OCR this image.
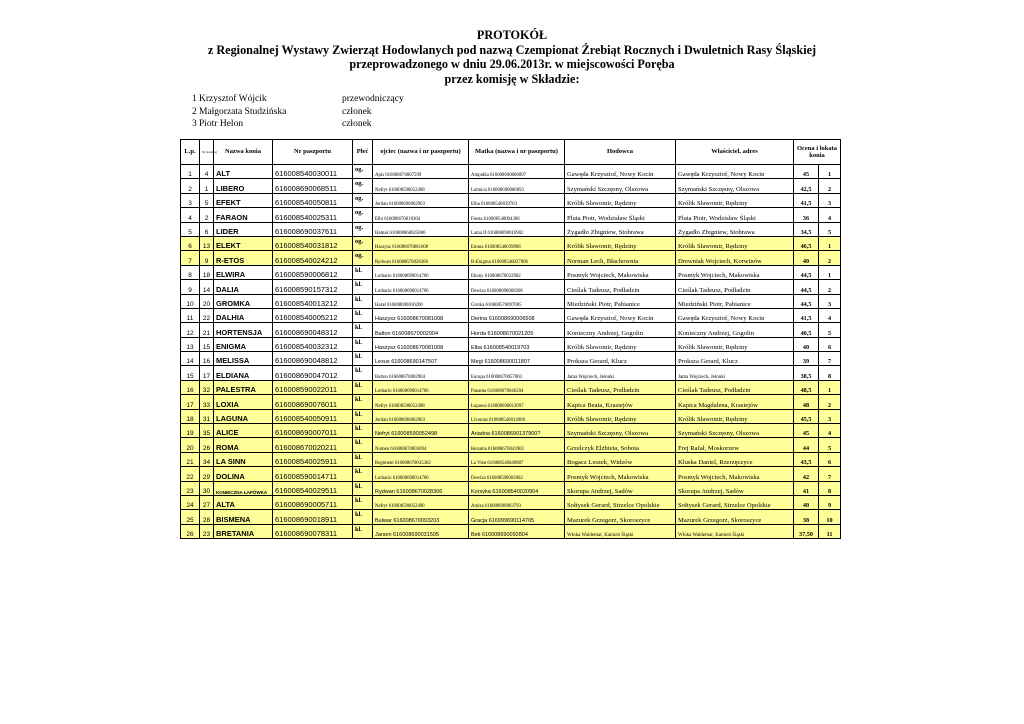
PROTOKÓŁ
z Regionalnej Wystawy Zwierząt Hodowlanych pod nazwą Czempionat Źrebiąt Rocznych i Dwuletnich Rasy Śląskiej
przeprowadzonego w dniu 29.06.2013r. w miejscowości Poręba
przez komisję w Składzie:
1 Krzysztof Wójcik	przewodniczący
2 Małgorzata Studzińska	członek
3 Piotr Helon	członek
L.p.	Nr katalog	Nazwa konia	Nr paszportu	Płeć	ojciec (nazwa i nr paszportu)	Matka (nazwa i nr paszportu)	Hodowca	Właściciel, adres	Ocena i lokata konia	
1	4	ALT	616008540030011	og.	Apis 616008670007599	Ampułka 616008690006897	Gawęda Krzysztof, Nowy Kocin	Gawęda Krzysztof, Nowy Kocin	45	1
2	1	LIBERO	616008690068511	og.	Nefryt 616008590052498	Lubnica 616008690006893	Szymański Szczęsny, Olszowa	Szymański Szczęsny, Olszowa	42,5	2
3	5	EFEKT	616008540050811	og.	Jordan 616008690062903	Elba 616008540019703	Królik Sławomir, Rędziny	Królik Sławomir, Rędziny	41,5	3
4	2	FARAON	616008540025311	og.	Elbi 616008670018304	Fiesta 616008540004306	Pluta Piotr, Wodzisław Śląski	Pluta Piotr, Wodzisław Śląski	36	4
5	6	LIDER	616008690037611	og.	Hamaś 616008660025806	Lama II 616008690016902	Żygadło Zbigniew, Stobrawa	Żygadło Zbigniew, Stobrawa	34,5	5
6	13	ELEKT	616008540031812	og.	Haszysz 616008670081008	Emma 616008540039908	Królik Sławomir, Rędziny	Królik Sławomir, Rędziny	46,5	1
7	9	R-ETOS	616008540024212	og.	Rydwan 616008670028306	R-Enigma 616008540027806	Norman Lech, Błachownia	Drewniak Wojciech, Korwinów	40	2
8	18	ELWIRA	616008590006812	kl.	Lothario 616008690014706	Ebony 616008670032902	Posmyk Wojciech, Makowiska	Posmyk Wojciech, Makowiska	44,5	1
9	14	DALIA	616008590157312	kl.	Lothario 616008690014706	Dewiza 616008690068306	Cieślak Tadeusz, Podładzin	Cieślak Tadeusz, Podładzin	44,5	2
10	20	GROMKA	616008540013212	kl.	Harał 616008690016200	Grotka 616008570097005	Miedziński Piotr, Pabianice	Miedziński Piotr, Pabianice	44,5	3
11	22	DALHIA	616008540005212	kl.	Haszysz 616008670081008	Derina 616008690006508	Gawęda Krzysztof, Nowy Kocin	Gawęda Krzysztof, Nowy Kocin	41,5	4
12	21	HORTENSJA	616008690048312	kl.	Balton 616008670002904	Horda 616008670021205	Konieczny Andrzej, Gogolin	Konieczny Andrzej, Gogolin	40,5	5
13	15	ENIGMA	616008540032312	kl.	Haszysz 616008670081008	Elba 616008540019703	Królik Sławomir, Rędziny	Królik Sławomir, Rędziny	40	6
14	16	MELISSA	616008690048812	kl.	Lexus 616008690147507	Megi 616008690011807	Proksza Gerard, Klucz	Proksza Gerard, Klucz	39	7
15	17	ELDIANA	616008690047012	kl.	Balton 616008670002904	Europa 616008670057003	Jama Wojciech, Jelonki	Jama Wojciech, Jelonki	38,5	8
16	32	PALESTRA	616008590022011	kl.	Lothario 616008690014706	Panama 616008670046204	Cieślak Tadeusz, Podładzin	Cieślak Tadeusz, Podładzin	48,5	1
17	33	LOXIA	616008690076011	kl.	Nefryt 616008590052498	Łupawa 616008690013097	Kapica Beata, Krasiejów	Kapica Magdalena, Krasiejów	48	2
18	31	LAGUNA	616008540050911	kl.	Jordan 616008690062903	Livonias 616008540014906	Królik Sławomir, Rędziny	Królik Sławomir, Rędziny	45,5	3
19	35	ALICE	616008690007011	kl.	Nefryt 616008590052498	Ariadna 616008690137900?	Szymański Szczęsny, Olszowa	Szymański Szczęsny, Olszowa	45	4
20	26	ROMA	616008670020211	kl.	Nomen 616008670003694	Rezuma 616008670043903	Grzelczyk Elżbieta, Sobota	Frej Rafał, Moskorzew	44	5
21	34	LA SINN	616008540025911	kl.	Regiment 616008670035302	La Vien 616008540049807	Bogacz Leszek, Widzów	Kluska Daniel, Rzerzęczyce	43,5	6
22	29	DOLINA	616008590014711	kl.	Lothario 616008690014706	Dewiza 616008590002002	Posmyk Wojciech, Makowiska	Posmyk Wojciech, Makowiska	42	7
23	30	KONIECZNA ŁAPÓWKA	616008540029511	kl.	Rydwan 616008670028306	Korsyka 616008540020904	Skorupa Andrzej, Sadów	Skorupa Andrzej, Sadów	41	8
24	27	ALTA	616008690005711	kl.	Nefryt 616008590052498	Amiza 616008690003793	Sołtysek Gerard, Strzelce Opolskie	Sołtysek Gerard, Strzelce Opolskie	40	9
25	28	BISMENA	616008690018911	kl.	Bulwar 616008670093203	Gracja 616999690114705	Mazurek Grzegorz, Skoroszyce	Mazurek Grzegorz, Skoroszyce	38	10
26	23	BRETANIA	616008690078311	kl.	Jarsen 616008690031505	Beti 616008690092804	Włoka Waldemar, Kamień Śląski	Włoka Waldemar, Kamień Śląski	37,50	11
